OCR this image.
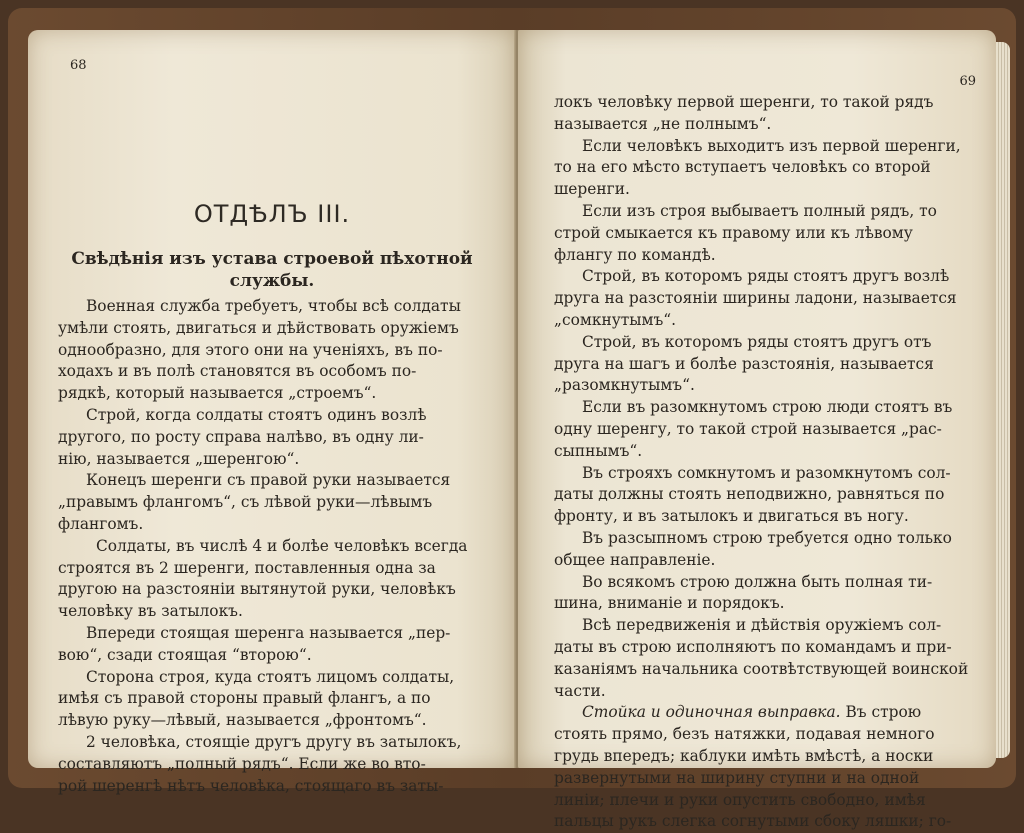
68
ОТДѢЛЪ III.
Свѣдѣнія изъ устава строевой пѣхотной
службы.
Военная служба требуетъ, чтобы всѣ солдаты
умѣли стоять, двигаться и дѣйствовать оружіемъ
однообразно, для этого они на ученіяхъ, въ по-
ходахъ и въ полѣ становятся въ особомъ по-
рядкѣ, который называется „строемъ“.
Строй, когда солдаты стоятъ одинъ возлѣ
другого, по росту справа налѣво, въ одну ли-
нію, называется „шеренгою“.
Конецъ шеренги съ правой руки называется
„правымъ флангомъ“, съ лѣвой руки—лѣвымъ
флангомъ.
Солдаты, въ числѣ 4 и болѣе человѣкъ всегда
строятся въ 2 шеренги, поставленныя одна за
другою на разстояніи вытянутой руки, человѣкъ
человѣку въ затылокъ.
Впереди стоящая шеренга называется „пер-
вою“, сзади стоящая “второю“.
Сторона строя, куда стоятъ лицомъ солдаты,
имѣя съ правой стороны правый флангъ, а по
лѣвую руку—лѣвый, называется „фронтомъ“.
2 человѣка, стоящіе другъ другу въ затылокъ,
составляютъ „полный рядъ“. Если же во вто-
рой шеренгѣ нѣтъ человѣка, стоящаго въ заты-
69
локъ человѣку первой шеренги, то такой рядъ
называется „не полнымъ“.
Если человѣкъ выходитъ изъ первой шеренги,
то на его мѣсто вступаетъ человѣкъ со второй
шеренги.
Если изъ строя выбываетъ полный рядъ, то
строй смыкается къ правому или къ лѣвому
флангу по командѣ.
Строй, въ которомъ ряды стоятъ другъ возлѣ
друга на разстояніи ширины ладони, называется
„сомкнутымъ“.
Строй, въ которомъ ряды стоятъ другъ отъ
друга на шагъ и болѣе разстоянія, называется
„разомкнутымъ“.
Если въ разомкнутомъ строю люди стоятъ въ
одну шеренгу, то такой строй называется „рас-
сыпнымъ“.
Въ строяхъ сомкнутомъ и разомкнутомъ сол-
даты должны стоять неподвижно, равняться по
фронту, и въ затылокъ и двигаться въ ногу.
Въ разсыпномъ строю требуется одно только
общее направленіе.
Во всякомъ строю должна быть полная ти-
шина, вниманіе и порядокъ.
Всѣ передвиженія и дѣйствія оружіемъ сол-
даты въ строю исполняютъ по командамъ и при-
казаніямъ начальника соотвѣтствующей воинской
части.
Стойка и одиночная выправка. Въ строю
стоять прямо, безъ натяжки, подавая немного
грудь впередъ; каблуки имѣть вмѣстѣ, а носки
развернутыми на ширину ступни и на одной
линіи; плечи и руки опустить свободно, имѣя
пальцы рукъ слегка согнутыми сбоку ляшки; го-
